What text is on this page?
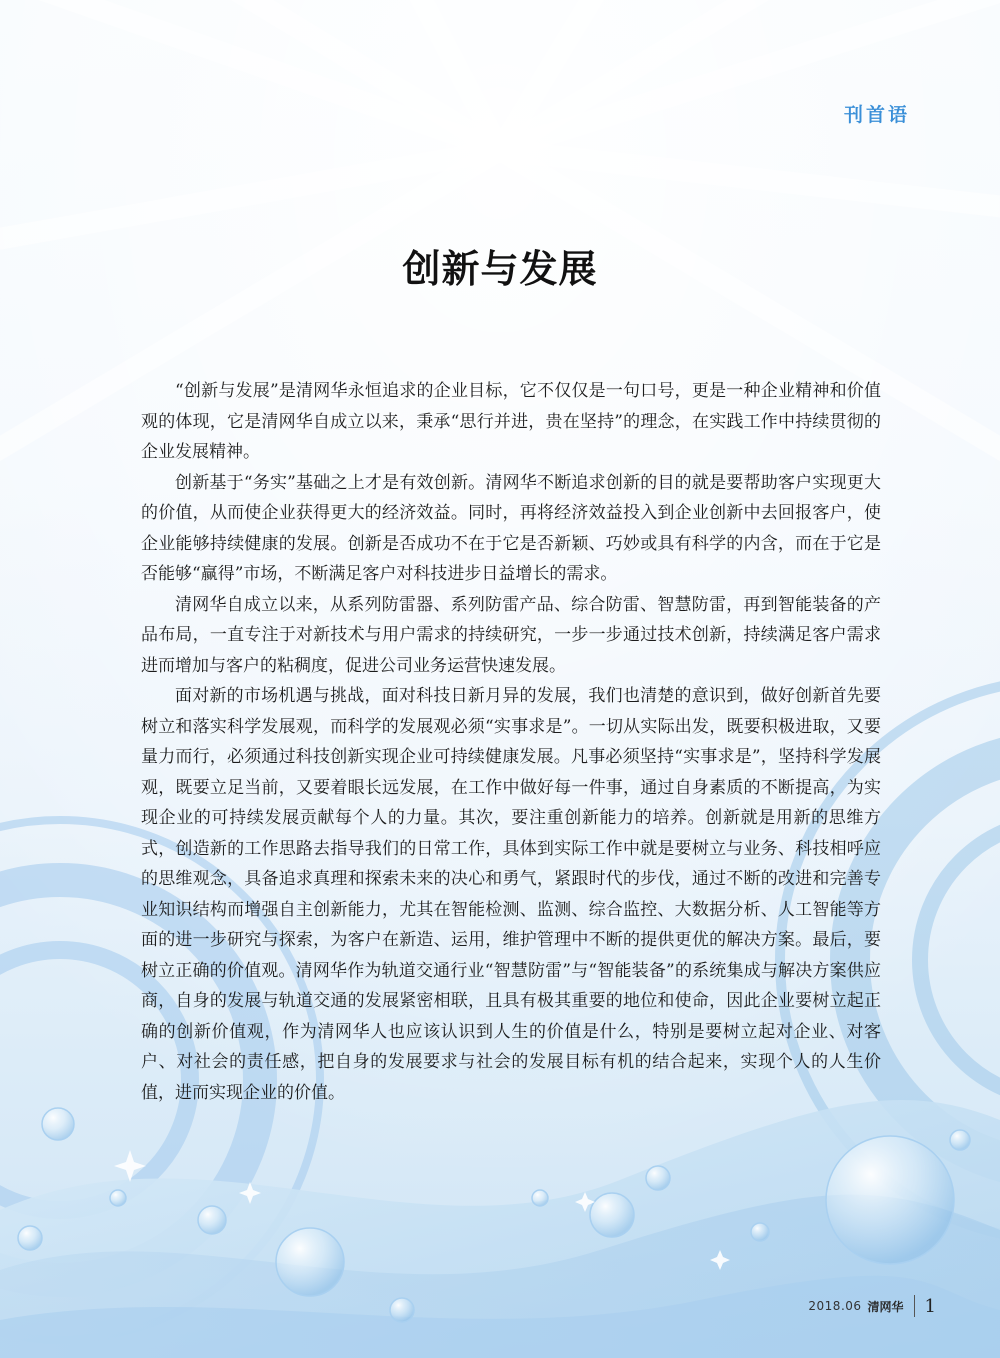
刊首语
创新与发展

“创新与发展”是清网华永恒追求的企业目标，它不仅仅是一句口号，更是一种企业精神和价值观的体现，它是清网华自成立以来，秉承“思行并进，贵在坚持”的理念，在实践工作中持续贯彻的企业发展精神。

创新基于“务实”基础之上才是有效创新。清网华不断追求创新的目的就是要帮助客户实现更大的价值，从而使企业获得更大的经济效益。同时，再将经济效益投入到企业创新中去回报客户，使企业能够持续健康的发展。创新是否成功不在于它是否新颖、巧妙或具有科学的内含，而在于它是否能够“赢得”市场，不断满足客户对科技进步日益增长的需求。

清网华自成立以来，从系列防雷器、系列防雷产品、综合防雷、智慧防雷，再到智能装备的产品布局，一直专注于对新技术与用户需求的持续研究，一步一步通过技术创新，持续满足客户需求进而增加与客户的粘稠度，促进公司业务运营快速发展。

面对新的市场机遇与挑战，面对科技日新月异的发展，我们也清楚的意识到，做好创新首先要树立和落实科学发展观，而科学的发展观必须“实事求是”。一切从实际出发，既要积极进取，又要量力而行，必须通过科技创新实现企业可持续健康发展。凡事必须坚持“实事求是”，坚持科学发展观，既要立足当前，又要着眼长远发展，在工作中做好每一件事，通过自身素质的不断提高，为实现企业的可持续发展贡献每个人的力量。其次，要注重创新能力的培养。创新就是用新的思维方式，创造新的工作思路去指导我们的日常工作，具体到实际工作中就是要树立与业务、科技相呼应的思维观念，具备追求真理和探索未来的决心和勇气，紧跟时代的步伐，通过不断的改进和完善专业知识结构而增强自主创新能力，尤其在智能检测、监测、综合监控、大数据分析、人工智能等方面的进一步研究与探索，为客户在新造、运用，维护管理中不断的提供更优的解决方案。最后，要树立正确的价值观。清网华作为轨道交通行业“智慧防雷”与“智能装备”的系统集成与解决方案供应商，自身的发展与轨道交通的发展紧密相联，且具有极其重要的地位和使命，因此企业要树立起正确的创新价值观，作为清网华人也应该认识到人生的价值是什么，特别是要树立起对企业、对客户、对社会的责任感，把自身的发展要求与社会的发展目标有机的结合起来，实现个人的人生价值，进而实现企业的价值。

2018.06 清网华 1
